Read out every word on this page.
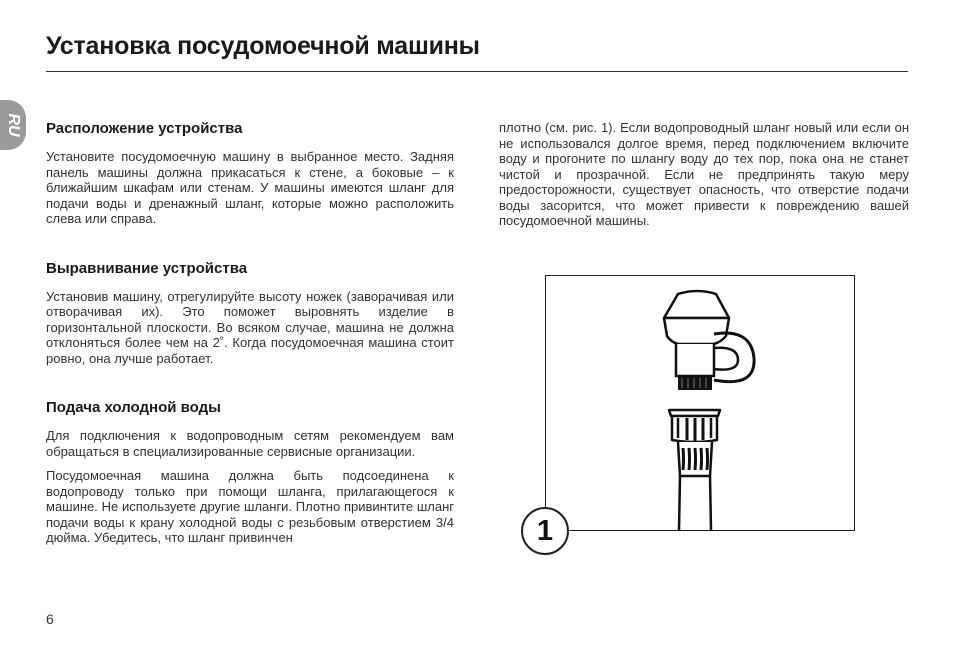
Установка посудомоечной машины
RU Расположение устройства

Установите посудомоечную машину в выбранное место. Задняя панель машины должна прикасаться к стене, а боковые – к ближайшим шкафам или стенам. У машины имеются шланг для подачи воды и дренажный шланг, которые можно расположить слева или справа.

Выравнивание устройства

Установив машину, отрегулируйте высоту ножек (заворачивая или отворачивая их). Это поможет выровнять изделие в горизонтальной плоскости. Во всяком случае, машина не должна отклоняться более чем на 2˚. Когда посудомоечная машина стоит ровно, она лучше работает.

Подача холодной воды

Для подключения к водопроводным сетям рекомендуем вам обращаться в специализированные сервисные организации.

Посудомоечная машина должна быть подсоединена к водопроводу только при помощи шланга, прилагающегося к машине. Не используете другие шланги. Плотно привинтите шланг подачи воды к крану холодной воды с резьбовым отверстием 3/4 дюйма. Убедитесь, что шланг привинчен

плотно (см. рис. 1). Если водопроводный шланг новый или если он не использовался долгое время, перед подключением включите воду и прогоните по шлангу воду до тех пор, пока она не станет чистой и прозрачной. Если не предпринять такую меру предосторожности, существует опасность, что отверстие подачи воды засорится, что может привести к повреждению вашей посудомоечной машины.

1
6
